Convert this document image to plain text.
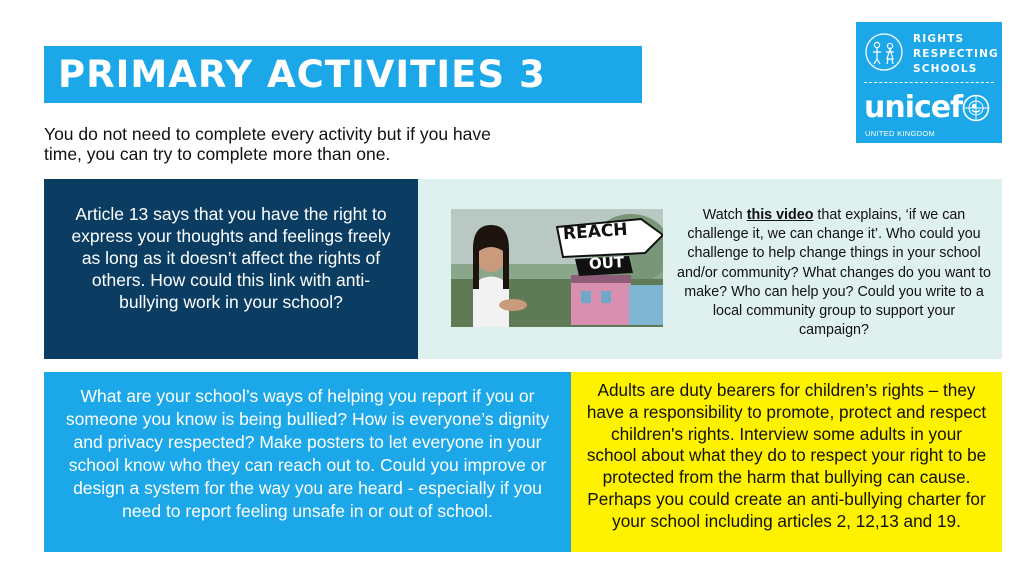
PRIMARY ACTIVITIES 3
You do not need to complete every activity but if you have time, you can try to complete more than one.
RIGHTS
RESPECTING
SCHOOLS
unicef
UNITED KINGDOM
Article 13 says that you have the right to express your thoughts and feelings freely as long as it doesn’t affect the rights of others. How could this link with anti-bullying work in your school?
REACH
OUT
Watch this video that explains, ‘if we can challenge it, we can change it’. Who could you challenge to help change things in your school and/or community? What changes do you want to make? Who can help you? Could you write to a local community group to support your campaign?
What are your school’s ways of helping you report if you or someone you know is being bullied? How is everyone’s dignity and privacy respected? Make posters to let everyone in your school know who they can reach out to. Could you improve or design a system for the way you are heard - especially if you need to report feeling unsafe in or out of school.
Adults are duty bearers for children’s rights – they have a responsibility to promote, protect and respect children's rights. Interview some adults in your school about what they do to respect your right to be protected from the harm that bullying can cause. Perhaps you could create an anti-bullying charter for your school including articles 2, 12,13 and 19.
